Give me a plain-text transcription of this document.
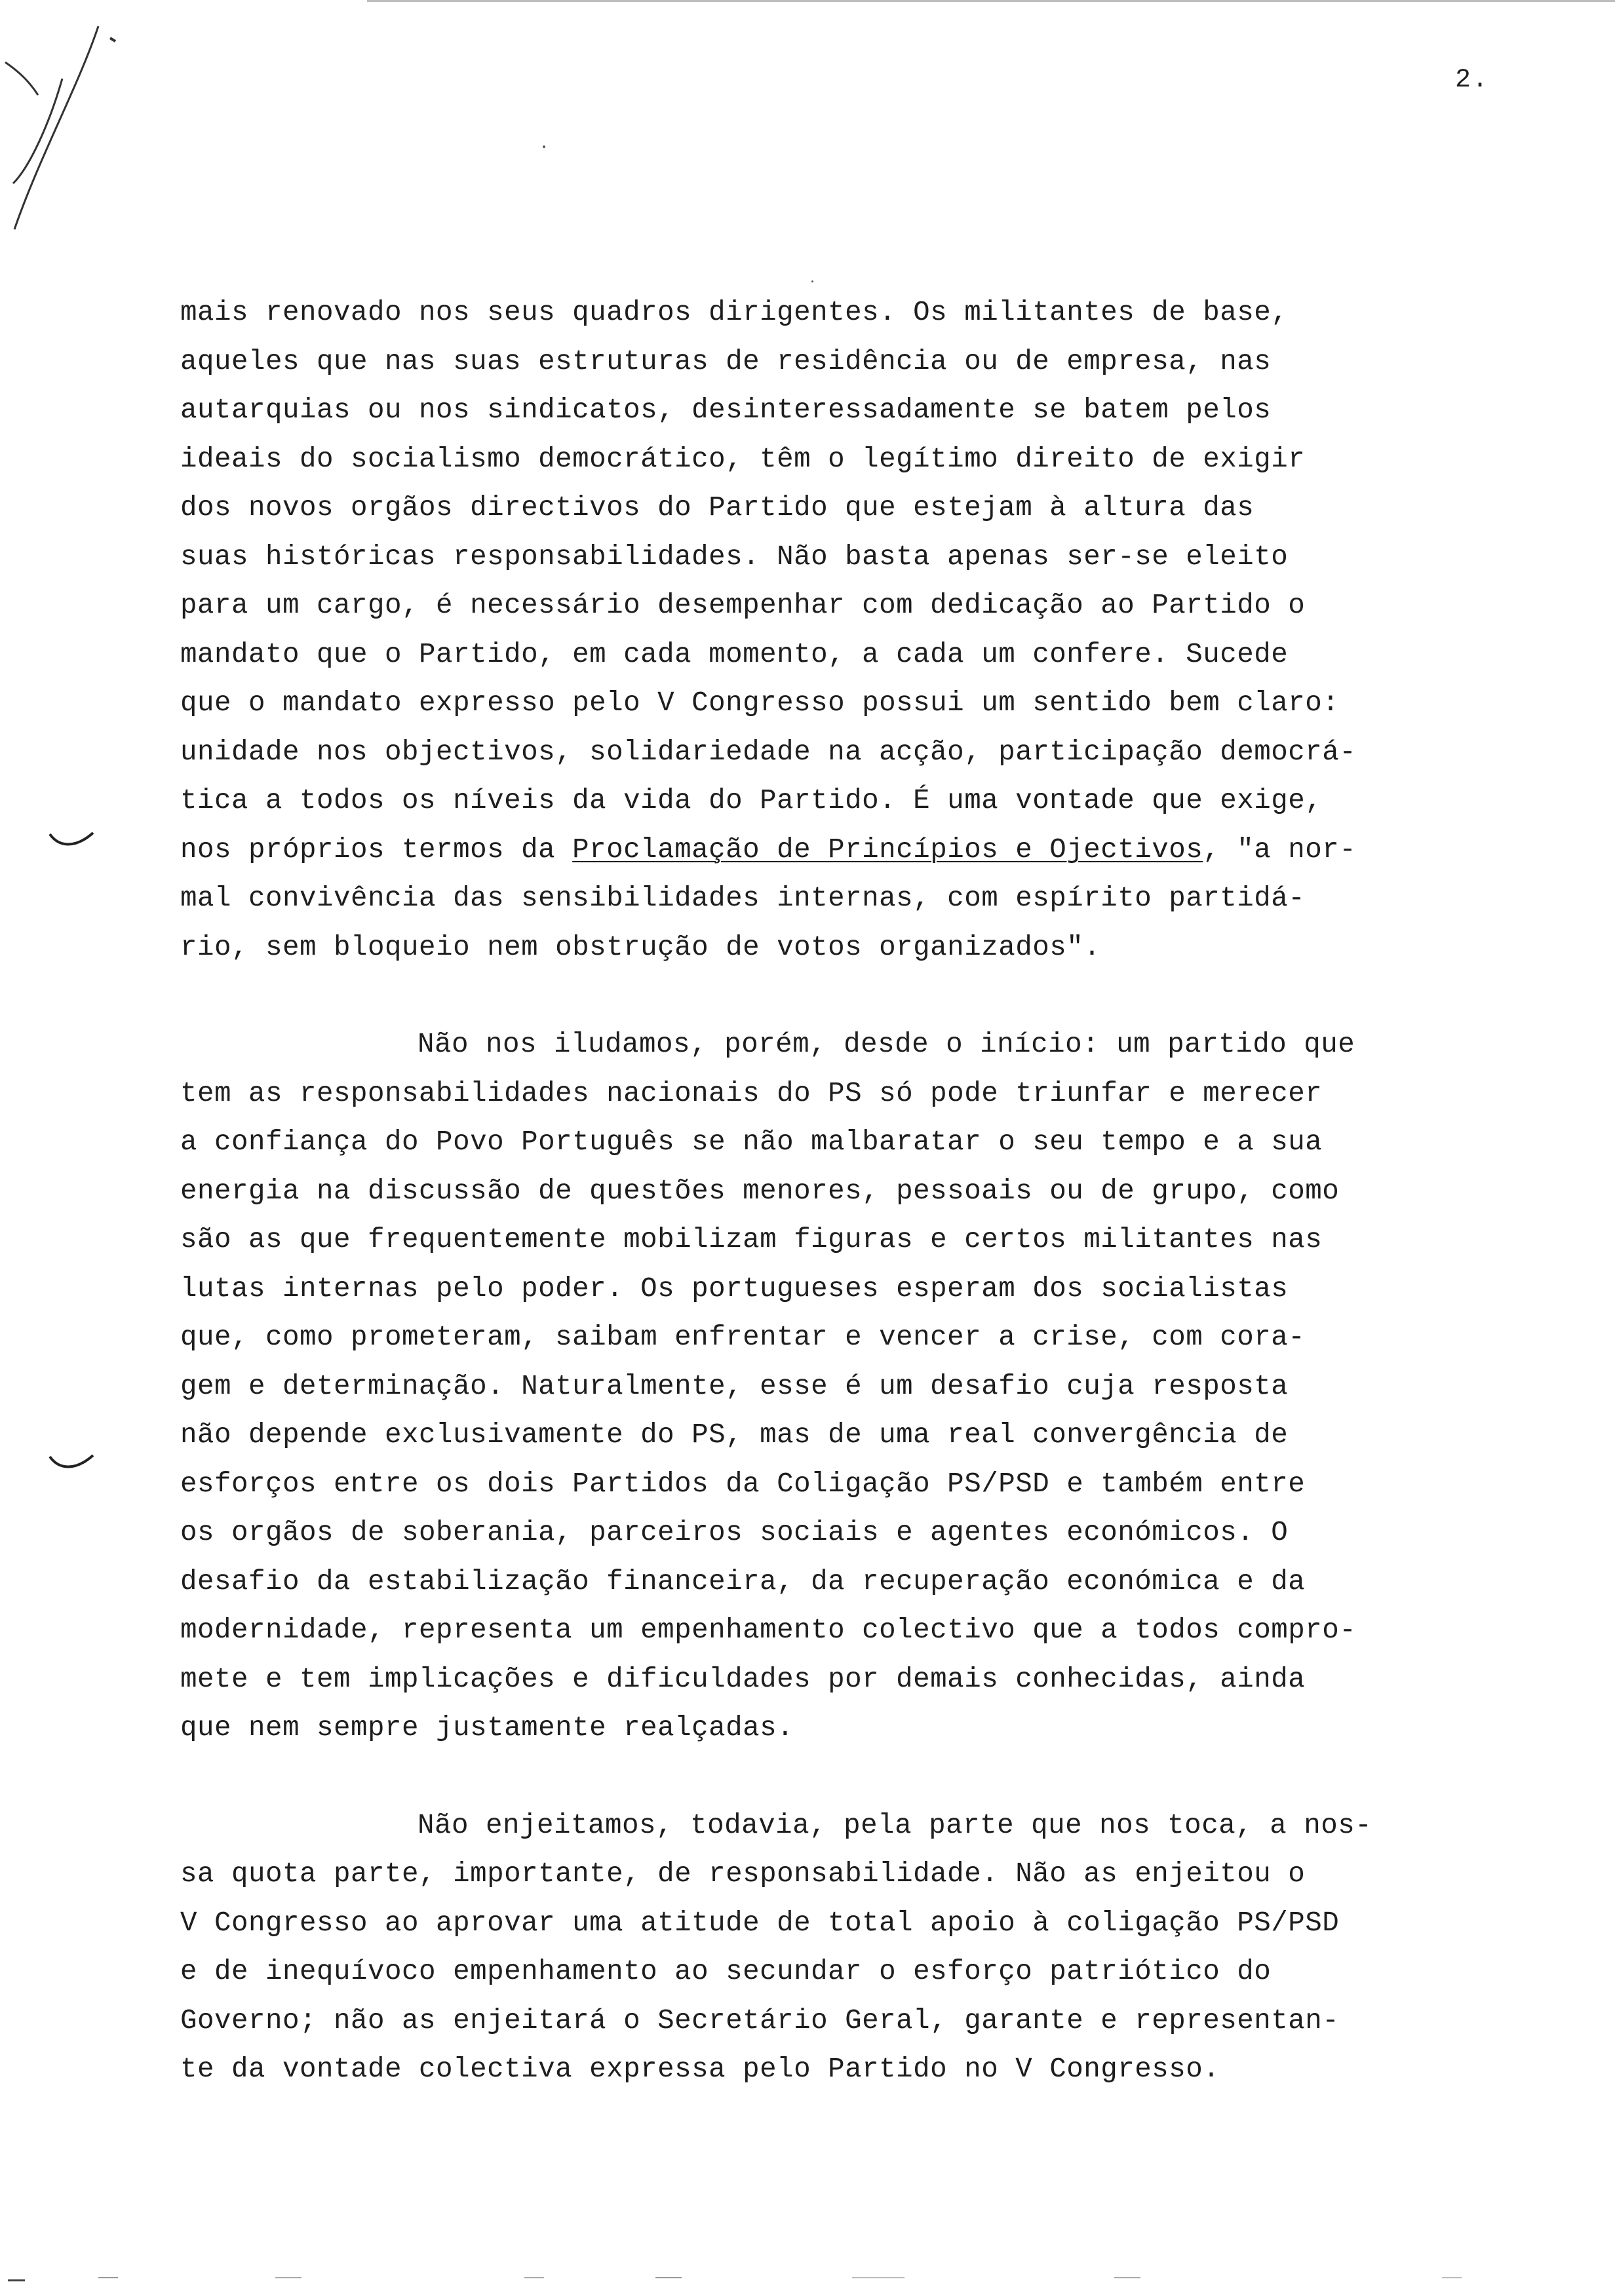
2.
mais renovado nos seus quadros dirigentes. Os militantes de base,
aqueles que nas suas estruturas de residência ou de empresa, nas
autarquias ou nos sindicatos, desinteressadamente se batem pelos
ideais do socialismo democrático, têm o legítimo direito de exigir
dos novos orgãos directivos do Partido que estejam à altura das
suas históricas responsabilidades. Não basta apenas ser-se eleito
para um cargo, é necessário desempenhar com dedicação ao Partido o
mandato que o Partido, em cada momento, a cada um confere. Sucede
que o mandato expresso pelo V Congresso possui um sentido bem claro:
unidade nos objectivos, solidariedade na acção, participação democrá-
tica a todos os níveis da vida do Partido. É uma vontade que exige,
nos próprios termos da Proclamação de Princípios e Ojectivos, "a nor-
mal convivência das sensibilidades internas, com espírito partidá-
rio, sem bloqueio nem obstrução de votos organizados".
Não nos iludamos, porém, desde o início: um partido que
tem as responsabilidades nacionais do PS só pode triunfar e merecer
a confiança do Povo Português se não malbaratar o seu tempo e a sua
energia na discussão de questões menores, pessoais ou de grupo, como
são as que frequentemente mobilizam figuras e certos militantes nas
lutas internas pelo poder. Os portugueses esperam dos socialistas
que, como prometeram, saibam enfrentar e vencer a crise, com cora-
gem e determinação. Naturalmente, esse é um desafio cuja resposta
não depende exclusivamente do PS, mas de uma real convergência de
esforços entre os dois Partidos da Coligação PS/PSD e também entre
os orgãos de soberania, parceiros sociais e agentes económicos. O
desafio da estabilização financeira, da recuperação económica e da
modernidade, representa um empenhamento colectivo que a todos compro-
mete e tem implicações e dificuldades por demais conhecidas, ainda
que nem sempre justamente realçadas.
Não enjeitamos, todavia, pela parte que nos toca, a nos-
sa quota parte, importante, de responsabilidade. Não as enjeitou o
V Congresso ao aprovar uma atitude de total apoio à coligação PS/PSD
e de inequívoco empenhamento ao secundar o esforço patriótico do
Governo; não as enjeitará o Secretário Geral, garante e representan-
te da vontade colectiva expressa pelo Partido no V Congresso.
